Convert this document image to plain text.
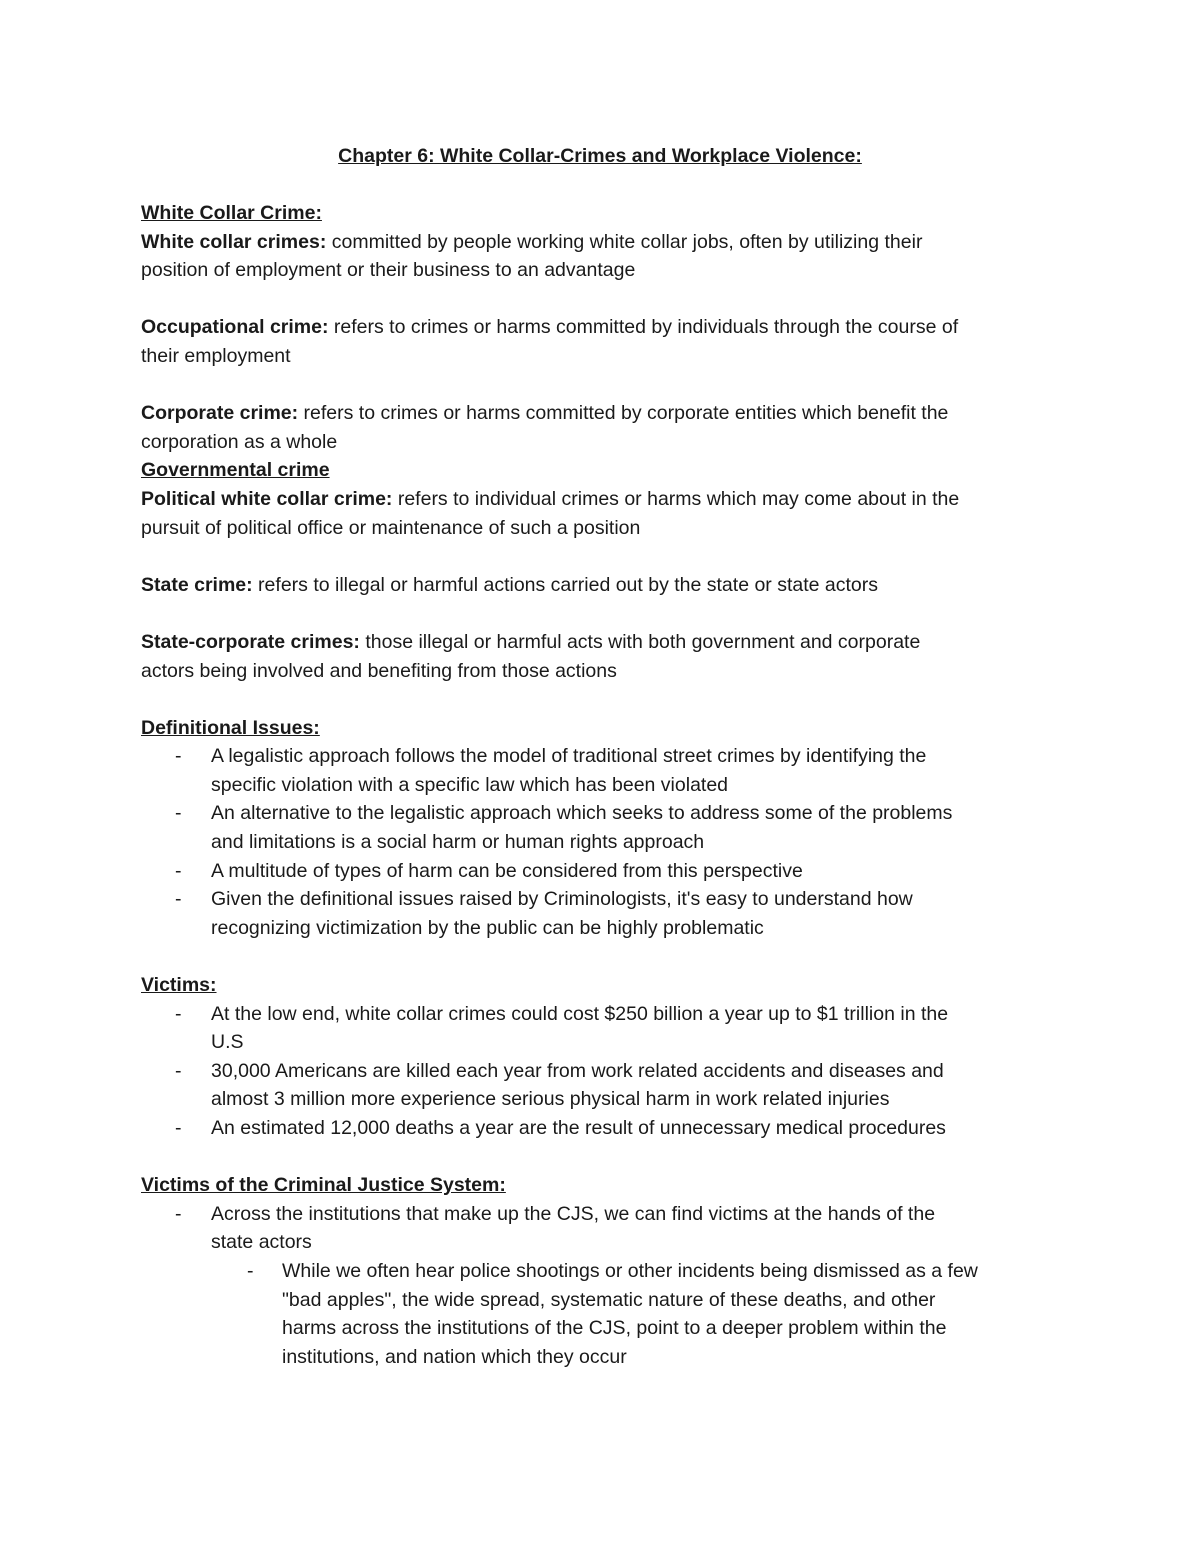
Chapter 6: White Collar-Crimes and Workplace Violence:
White Collar Crime:
White collar crimes: committed by people working white collar jobs, often by utilizing their
position of employment or their business to an advantage
Occupational crime: refers to crimes or harms committed by individuals through the course of
their employment
Corporate crime: refers to crimes or harms committed by corporate entities which benefit the
corporation as a whole
Governmental crime
Political white collar crime: refers to individual crimes or harms which may come about in the
pursuit of political office or maintenance of such a position
State crime: refers to illegal or harmful actions carried out by the state or state actors
State-corporate crimes: those illegal or harmful acts with both government and corporate
actors being involved and benefiting from those actions
Definitional Issues:
- A legalistic approach follows the model of traditional street crimes by identifying the
specific violation with a specific law which has been violated
- An alternative to the legalistic approach which seeks to address some of the problems
and limitations is a social harm or human rights approach
- A multitude of types of harm can be considered from this perspective
- Given the definitional issues raised by Criminologists, it's easy to understand how
recognizing victimization by the public can be highly problematic
Victims:
- At the low end, white collar crimes could cost $250 billion a year up to $1 trillion in the
U.S
- 30,000 Americans are killed each year from work related accidents and diseases and
almost 3 million more experience serious physical harm in work related injuries
- An estimated 12,000 deaths a year are the result of unnecessary medical procedures
Victims of the Criminal Justice System:
- Across the institutions that make up the CJS, we can find victims at the hands of the
state actors
- While we often hear police shootings or other incidents being dismissed as a few
"bad apples", the wide spread, systematic nature of these deaths, and other
harms across the institutions of the CJS, point to a deeper problem within the
institutions, and nation which they occur
